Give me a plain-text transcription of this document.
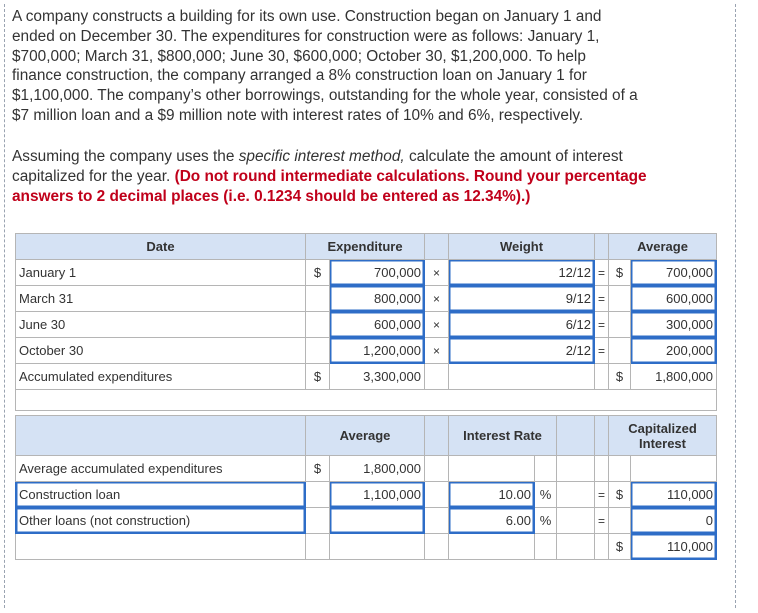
A company constructs a building for its own use. Construction began on January 1 and
ended on December 30. The expenditures for construction were as follows: January 1,
$700,000; March 31, $800,000; June 30, $600,000; October 30, $1,200,000. To help
finance construction, the company arranged a 8% construction loan on January 1 for
$1,100,000. The company’s other borrowings, outstanding for the whole year, consisted of a
$7 million loan and a $9 million note with interest rates of 10% and 6%, respectively.
Assuming the company uses the specific interest method, calculate the amount of interest
capitalized for the year. (Do not round intermediate calculations. Round your percentage
answers to 2 decimal places (i.e. 0.1234 should be entered as 12.34%).)
Date	Expenditure			Weight		Average	
January 1	$	700,000	×	12/12	=	$	700,000
March 31		800,000	×	9/12	=		600,000
June 30		600,000	×	6/12	=		300,000
October 30		1,200,000	×	2/12	=		200,000
Accumulated expenditures	$	3,300,000				$	1,800,000

	Average			Interest Rate				Capitalized
Interest	

Average accumulated expenditures	$	1,800,000							
Construction loan		1,100,000		10.00	%		=	$	110,000
Other loans (not construction)				6.00	%		=		0
								$	110,000
